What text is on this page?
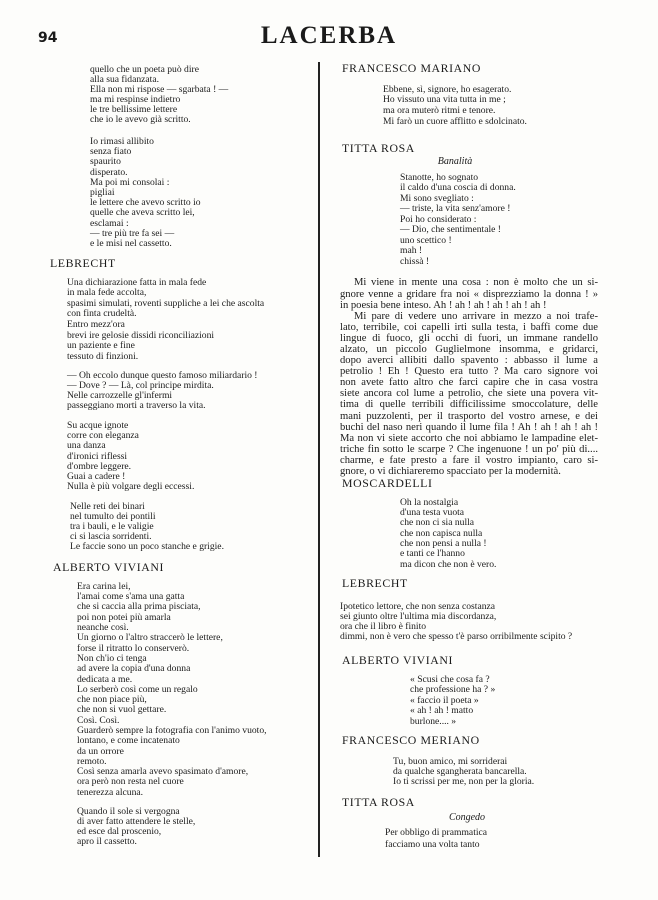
94	LACERBA
quello che un poeta può dire
alla sua fidanzata.
Ella non mi rispose — sgarbata ! —
ma mi respinse indietro
le tre bellissime lettere
che io le avevo già scritto.
Io rimasi allibito
senza fiato
spaurito
disperato.
Ma poi mi consolai :
pigliai
le lettere che avevo scritto io
quelle che aveva scritto lei,
esclamai :
— tre più tre fa sei —
e le misi nel cassetto.
LEBRECHT
Una dichiarazione fatta in mala fede
in mala fede accolta,
spasimi simulati, roventi suppliche a lei che ascolta
con finta crudeltà.
Entro mezz'ora
brevi ire gelosie dissidi riconciliazioni
un paziente e fine
tessuto di finzioni.
— Oh eccolo dunque questo famoso miliardario !
— Dove ? — Là, col principe mirdita.
Nelle carrozzelle gl'infermi
passeggiano morti a traverso la vita.
Su acque ignote
corre con eleganza
una danza
d'ironici riflessi
d'ombre leggere.
Guai a cadere !
Nulla è più volgare degli eccessi.
Nelle reti dei binari
nel tumulto dei pontili
tra i bauli, e le valigie
ci si lascia sorridenti.
Le faccie sono un poco stanche e grigie.
ALBERTO VIVIANI
Era carina lei,
l'amai come s'ama una gatta
che si caccia alla prima pisciata,
poi non potei più amarla
neanche così.
Un giorno o l'altro straccerò le lettere,
forse il ritratto lo conserverò.
Non ch'io ci tenga
ad avere la copia d'una donna
dedicata a me.
Lo serberò così come un regalo
che non piace più,
che non si vuol gettare.
Così. Così.
Guarderò sempre la fotografia con l'animo vuoto,
lontano, e come incatenato
da un orrore
remoto.
Così senza amarla avevo spasimato d'amore,
ora però non resta nel cuore
tenerezza alcuna.
Quando il sole si vergogna
di aver fatto attendere le stelle,
ed esce dal proscenio,
apro il cassetto.
FRANCESCO MARIANO
Ebbene, sì, signore, ho esagerato.
Ho vissuto una vita tutta in me ;
ma ora muterò ritmi e tenore.
Mi farò un cuore afflitto e sdolcinato.
TITTA ROSA
Banalità
Stanotte, ho sognato
il caldo d'una coscia di donna.
Mi sono svegliato :
— triste, la vita senz'amore !
Poi ho considerato :
— Dio, che sentimentale !
uno scettico !
mah !
chissà !
Mi viene in mente una cosa : non è molto che un si-
gnore venne a gridare fra noi « disprezziamo la donna ! »
in poesia bene inteso. Ah ! ah ! ah ! ah ! ah ! ah !
Mi pare di vedere uno arrivare in mezzo a noi trafe-
lato, terribile, coi capelli irti sulla testa, i baffi come due
lingue di fuoco, gli occhi di fuori, un immane randello
alzato, un piccolo Guglielmone insomma, e gridarci,
dopo averci allibiti dallo spavento : abbasso il lume a
petrolio ! Eh ! Questo era tutto ? Ma caro signore voi
non avete fatto altro che farci capire che in casa vostra
siete ancora col lume a petrolio, che siete una povera vit-
tima di quelle terribili difficilissime smoccolature, delle
mani puzzolenti, per il trasporto del vostro arnese, e dei
buchi del naso neri quando il lume fila ! Ah ! ah ! ah ! ah !
Ma non vi siete accorto che noi abbiamo le lampadine elet-
triche fin sotto le scarpe ? Che ingenuone ! un po' più di....
charme, e fate presto a fare il vostro impianto, caro si-
gnore, o vi dichiareremo spacciato per la modernità.
MOSCARDELLI
Oh la nostalgia
d'una testa vuota
che non ci sia nulla
che non capisca nulla
che non pensi a nulla !
e tanti ce l'hanno
ma dicon che non è vero.
LEBRECHT
Ipotetico lettore, che non senza costanza
sei giunto oltre l'ultima mia discordanza,
ora che il libro è finito
dimmi, non è vero che spesso t'è parso orribilmente scipito ?
ALBERTO VIVIANI
« Scusi che cosa fa ?
che professione ha ? »
« faccio il poeta »
« ah ! ah ! matto
burlone.... »
FRANCESCO MERIANO
Tu, buon amico, mi sorriderai
da qualche sgangherata bancarella.
Io ti scrissi per me, non per la gloria.
TITTA ROSA
Congedo
Per obbligo di prammatica
facciamo una volta tanto
